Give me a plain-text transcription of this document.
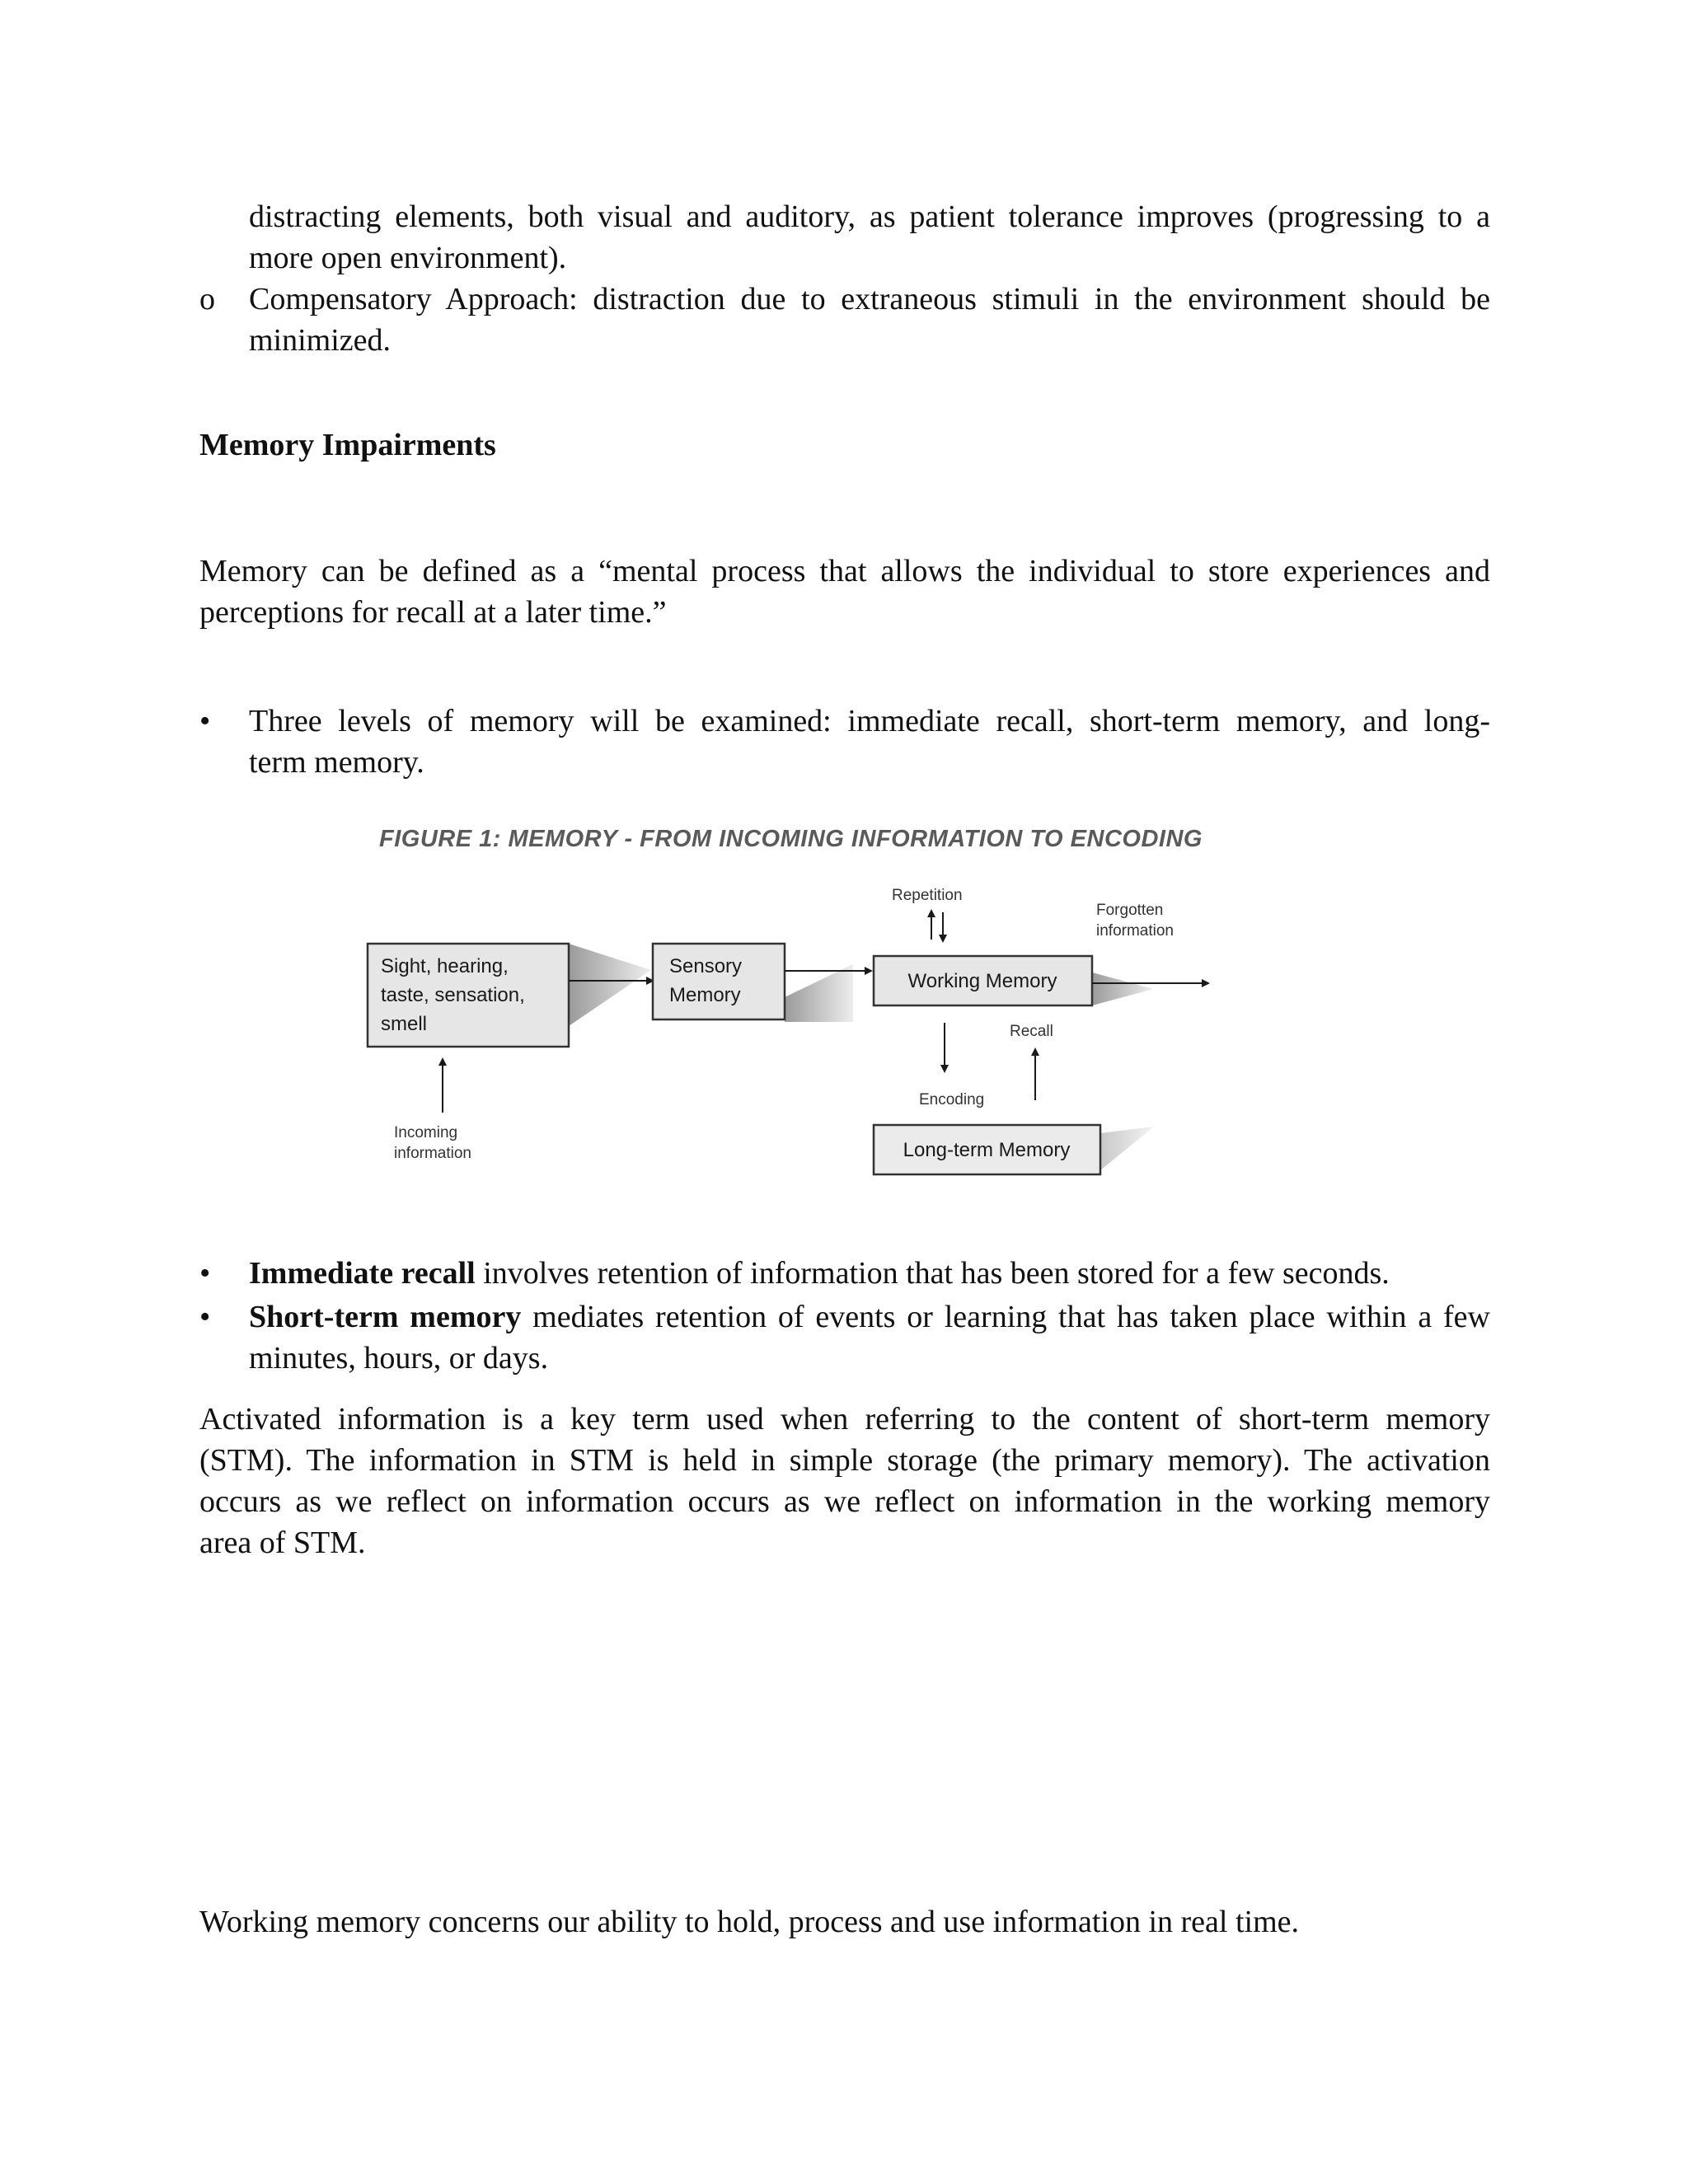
distracting elements, both visual and auditory, as patient tolerance improves (progressing to a
more open environment).
o Compensatory Approach: distraction due to extraneous stimuli in the environment should be
minimized.
Memory Impairments
Memory can be defined as a “mental process that allows the individual to store experiences and
perceptions for recall at a later time.”
• Three levels of memory will be examined: immediate recall, short-term memory, and long-
term memory.
FIGURE 1: MEMORY - FROM INCOMING INFORMATION TO ENCODING
Sight, hearing,
taste, sensation,
smell
Sensory
Memory
Working Memory
Repetition
Forgotten
information
Recall
Encoding
Long-term Memory
Incoming
information
• Immediate recall involves retention of information that has been stored for a few seconds.
• Short-term memory mediates retention of events or learning that has taken place within a few
minutes, hours, or days.
Activated information is a key term used when referring to the content of short-term memory
(STM). The information in STM is held in simple storage (the primary memory). The activation
occurs as we reflect on information occurs as we reflect on information in the working memory
area of STM.
Working memory concerns our ability to hold, process and use information in real time.
